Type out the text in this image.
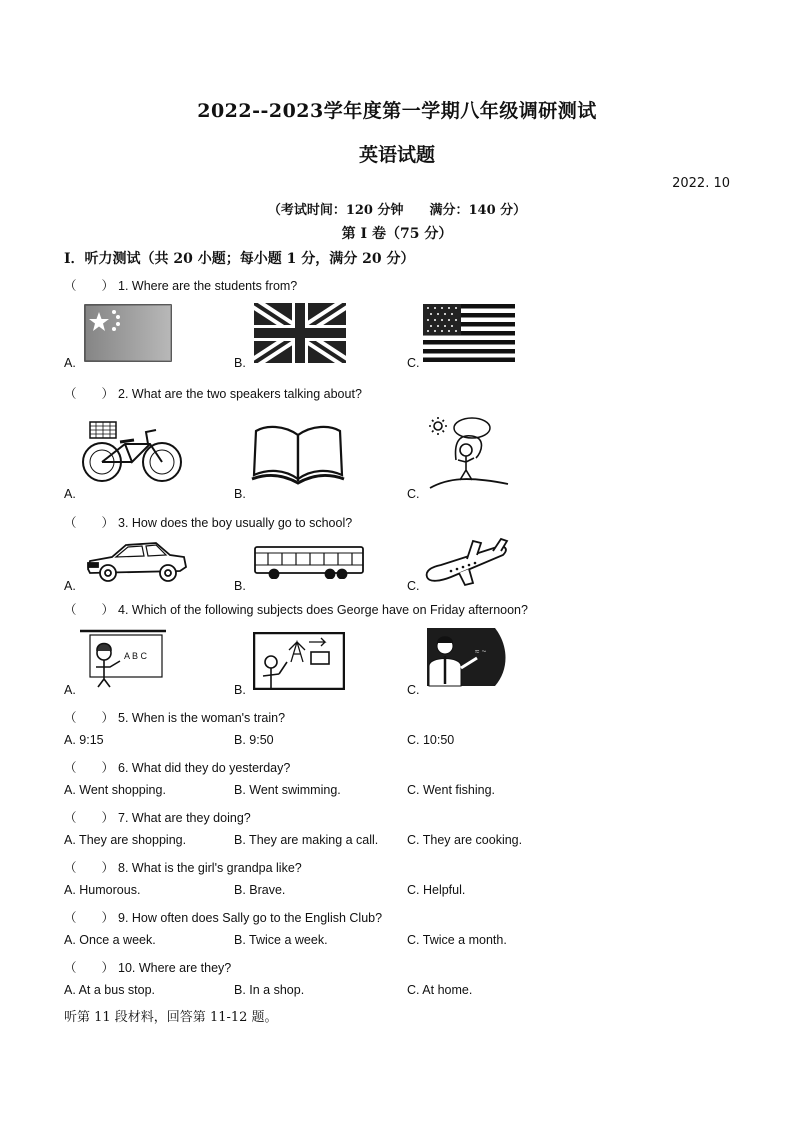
2022--2023学年度第一学期八年级调研测试
英语试题
2022. 10
（考试时间：120 分钟　　满分：140 分）
第 I 卷（75 分）
I．听力测试（共 20 小题；每小题 1 分，满分 20 分）
（　　） 1. Where are the students from?
A.	B.	C.
（　　） 2. What are the two speakers talking about?
A.	B.	C.
（　　） 3. How does the boy usually go to school?
A.	B.	C.
（　　） 4. Which of the following subjects does George have on Friday afternoon?
A B C	≈ ~
A.	B.	C.
（　　） 5. When is the woman's train?
A. 9:15	B. 9:50	C. 10:50
（　　） 6. What did they do yesterday?
A. Went shopping.	B. Went swimming.	C. Went fishing.
（　　） 7. What are they doing?
A. They are shopping.	B. They are making a call. C. They are cooking.
（　　） 8. What is the girl's grandpa like?
A. Humorous.	B. Brave.	C. Helpful.
（　　） 9. How often does Sally go to the English Club?
A. Once a week.	B. Twice a week.	C. Twice a month.
（　　） 10. Where are they?
A. At a bus stop.	B. In a shop.	C. At home.
听第 11 段材料，回答第 11-12 题。
